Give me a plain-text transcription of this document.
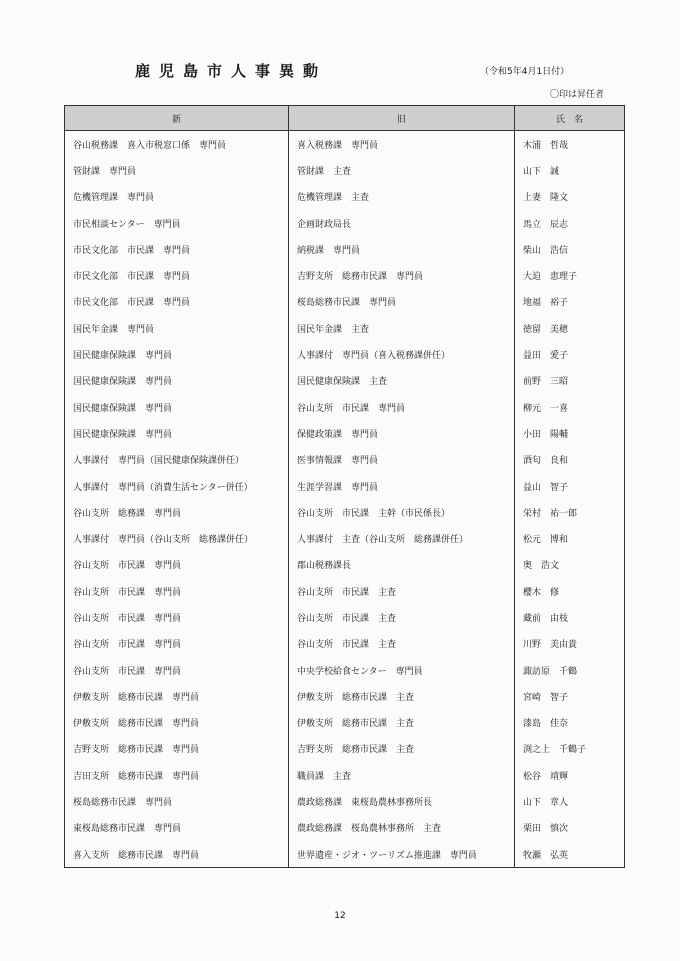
鹿児島市人事異動	（令和5年4月1日付）
〇印は昇任者
新	旧	氏　名
谷山税務課　喜入市税窓口係　専門員	喜入税務課　専門員	木浦　哲哉
管財課　専門員	管財課　主査	山下　誠
危機管理課　専門員	危機管理課　主査	上妻　隆文
市民相談センター　専門員	企画財政局長	馬立　辰志
市民文化部　市民課　専門員	納税課　専門員	柴山　浩信
市民文化部　市民課　専門員	吉野支所　総務市民課　専門員	大迫　恵理子
市民文化部　市民課　専門員	桜島総務市民課　専門員	地福　裕子
国民年金課　専門員	国民年金課　主査	徳留　美穂
国民健康保険課　専門員	人事課付　専門員（喜入税務課併任）	益田　愛子
国民健康保険課　専門員	国民健康保険課　主査	前野　三昭
国民健康保険課　専門員	谷山支所　市民課　専門員	柳元　一喜
国民健康保険課　専門員	保健政策課　専門員	小田　陽輔
人事課付　専門員（国民健康保険課併任）	医事情報課　専門員	酒匂　良和
人事課付　専門員（消費生活センター併任）	生涯学習課　専門員	益山　智子
谷山支所　総務課　専門員	谷山支所　市民課　主幹（市民係長）	栄村　祐一郎
人事課付　専門員（谷山支所　総務課併任）	人事課付　主査（谷山支所　総務課併任）	松元　博和
谷山支所　市民課　専門員	郡山税務課長	奥　浩文
谷山支所　市民課　専門員	谷山支所　市民課　主査	櫻木　修
谷山支所　市民課　専門員	谷山支所　市民課　主査	藏前　由枝
谷山支所　市民課　専門員	谷山支所　市民課　主査	川野　美由貴
谷山支所　市民課　専門員	中央学校給食センター　専門員	諏訪原　千鶴
伊敷支所　総務市民課　専門員	伊敷支所　総務市民課　主査	宮崎　智子
伊敷支所　総務市民課　専門員	伊敷支所　総務市民課　主査	漆島　佳奈
吉野支所　総務市民課　専門員	吉野支所　総務市民課　主査	渕之上　千鶴子
吉田支所　総務市民課　専門員	職員課　主査	松谷　靖輝
桜島総務市民課　専門員	農政総務課　東桜島農林事務所長	山下　章人
東桜島総務市民課　専門員	農政総務課　桜島農林事務所　主査	栗田　慎次
喜入支所　総務市民課　専門員	世界遺産・ジオ・ツーリズム推進課　専門員	牧瀬　弘英
12
